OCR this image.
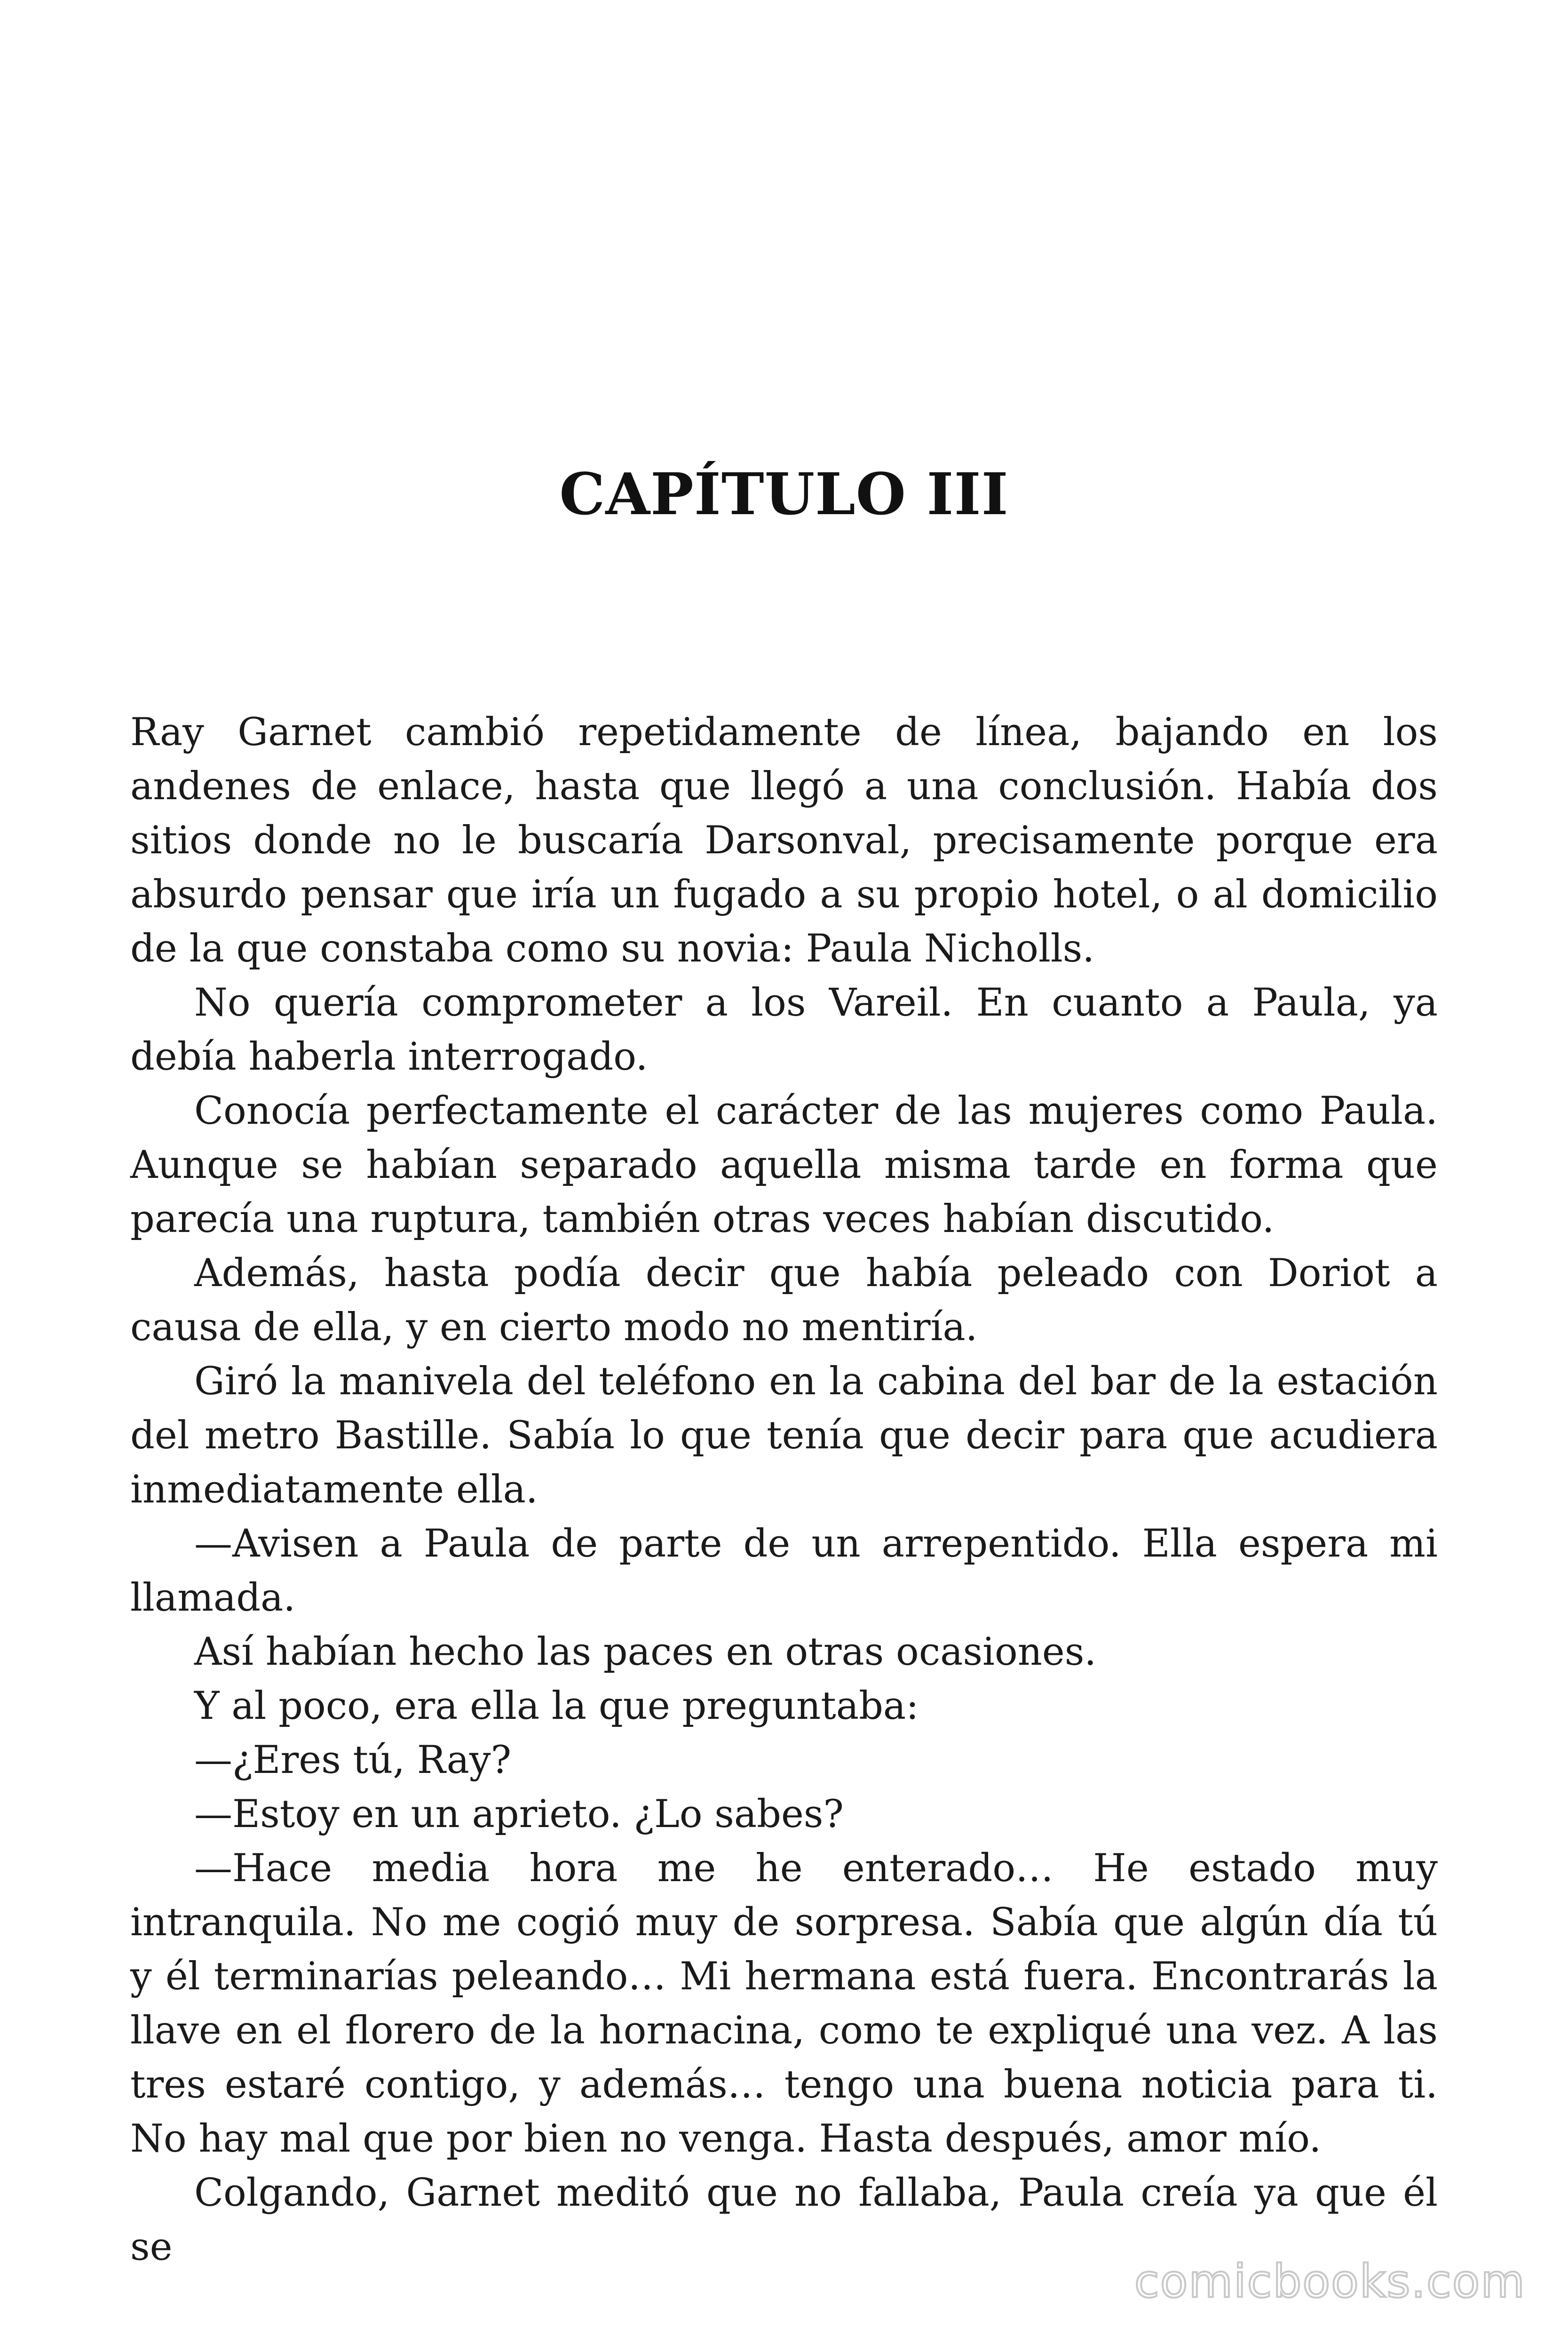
CAPÍTULO III

Ray Garnet cambió repetidamente de línea, bajando en los andenes de enlace, hasta que llegó a una conclusión. Había dos sitios donde no le buscaría Darsonval, precisamente porque era absurdo pensar que iría un fugado a su propio hotel, o al domicilio de la que constaba como su novia: Paula Nicholls.

No quería comprometer a los Vareil. En cuanto a Paula, ya debía haberla interrogado.

Conocía perfectamente el carácter de las mujeres como Paula. Aunque se habían separado aquella misma tarde en forma que parecía una ruptura, también otras veces habían discutido.

Además, hasta podía decir que había peleado con Doriot a causa de ella, y en cierto modo no mentiría.

Giró la manivela del teléfono en la cabina del bar de la estación del metro Bastille. Sabía lo que tenía que decir para que acudiera inmediatamente ella.

—Avisen a Paula de parte de un arrepentido. Ella espera mi llamada.

Así habían hecho las paces en otras ocasiones.

Y al poco, era ella la que preguntaba:

—¿Eres tú, Ray?

—Estoy en un aprieto. ¿Lo sabes?

—Hace media hora me he enterado… He estado muy intranquila. No me cogió muy de sorpresa. Sabía que algún día tú y él terminarías peleando… Mi hermana está fuera. Encontrarás la llave en el florero de la hornacina, como te expliqué una vez. A las tres estaré contigo, y además… tengo una buena noticia para ti. No hay mal que por bien no venga. Hasta después, amor mío.

Colgando, Garnet meditó que no fallaba, Paula creía ya que él se

comicbooks.com
